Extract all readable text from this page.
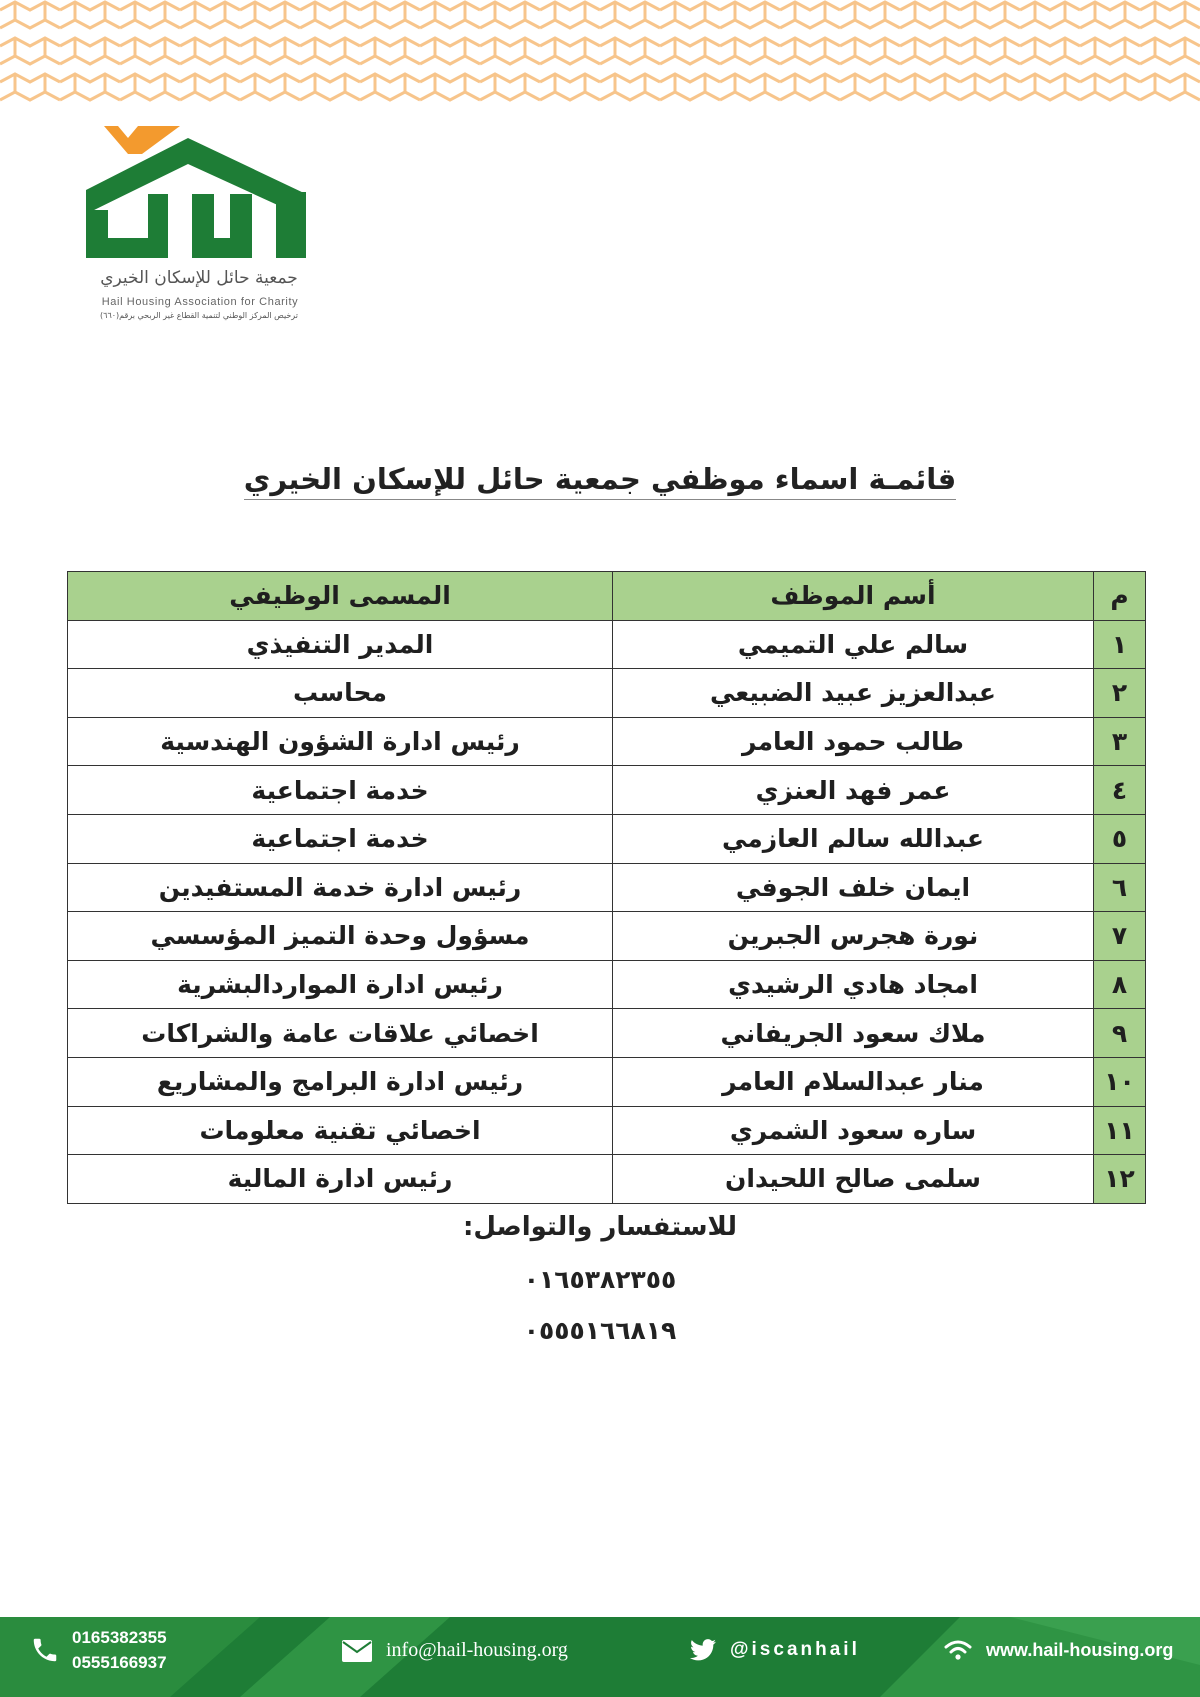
جمعية حائل للإسكان الخيري
Hail Housing Association for Charity
ترخيص المركز الوطني لتنمية القطاع غير الربحي برقم(٦٦٠)
قائمـة اسماء موظفي جمعية حائل للإسكان الخيري
م	أسم الموظف	المسمى الوظيفي
١	سالم علي التميمي	المدير التنفيذي
٢	عبدالعزيز عبيد الضبيعي	محاسب
٣	طالب حمود العامر	رئيس ادارة الشؤون الهندسية
٤	عمر فهد العنزي	خدمة اجتماعية
٥	عبدالله سالم العازمي	خدمة اجتماعية
٦	ايمان خلف الجوفي	رئيس ادارة خدمة المستفيدين
٧	نورة هجرس الجبرين	مسؤول وحدة التميز المؤسسي
٨	امجاد هادي الرشيدي	رئيس ادارة المواردالبشرية
٩	ملاك سعود الجريفاني	اخصائي علاقات عامة والشراكات
١٠	منار عبدالسلام العامر	رئيس ادارة البرامج والمشاريع
١١	ساره سعود الشمري	اخصائي تقنية معلومات
١٢	سلمى صالح اللحيدان	رئيس ادارة المالية
للاستفسار والتواصل:
٠١٦٥٣٨٢٣٥٥
٠٥٥٥١٦٦٨١٩
0165382355
0555166937
info@hail-housing.org	@iscanhail	www.hail-housing.org
